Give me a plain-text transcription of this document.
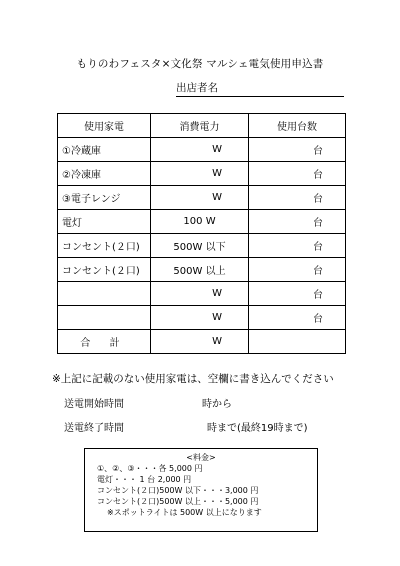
もりのわフェスタ×文化祭 マルシェ電気使用申込書
出店者名
使用家電	消費電力	使用台数
①冷蔵庫	W	台
②冷凍庫	W	台
③電子レンジ	W	台
電灯	100 W	台
コンセント(２口)	500W 以下	台
コンセント(２口)	500W 以上	台
	W	台
	W	台
合 計	W	
※上記に記載のない使用家電は、空欄に書き込んでください
送電開始時間	時から
送電終了時間	時まで(最終19時まで)
<料金>
①、②、③・・・各 5,000 円
電灯・・・ 1 台 2,000 円
コンセント(２口)500W 以下・・・3,000 円
コンセント(２口)500W 以上・・・5,000 円
※スポットライトは 500W 以上になります
